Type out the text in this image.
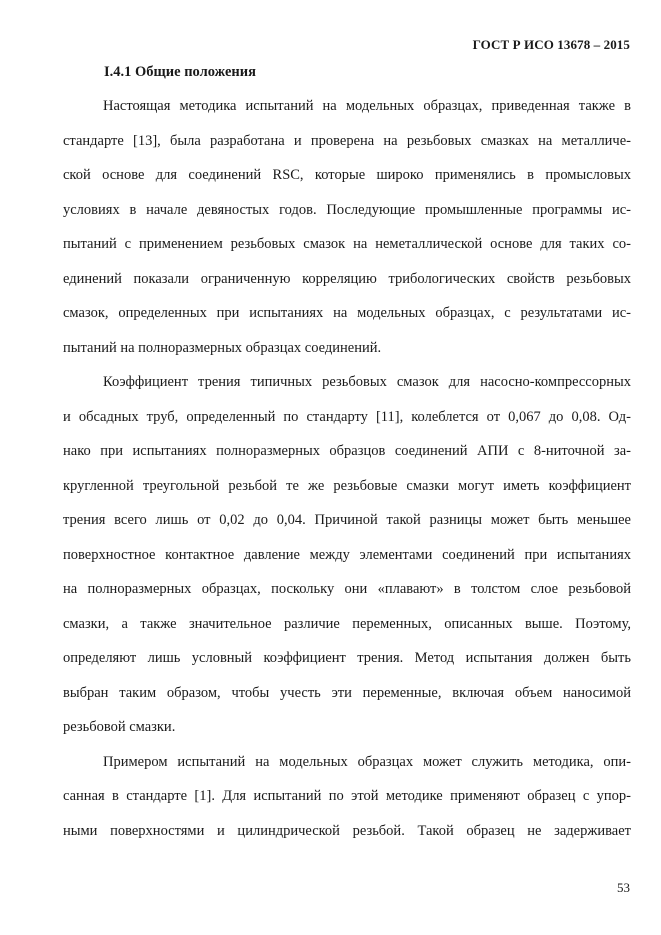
ГОСТ Р ИСО 13678 – 2015
I.4.1 Общие положения
Настоящая методика испытаний на модельных образцах, приведенная также в
стандарте [13], была разработана и проверена на резьбовых смазках на металличе-
ской основе для соединений RSC, которые широко применялись в промысловых
условиях в начале девяностых годов. Последующие промышленные программы ис-
пытаний с применением резьбовых смазок на неметаллической основе для таких со-
единений показали ограниченную корреляцию трибологических свойств резьбовых
смазок, определенных при испытаниях на модельных образцах, с результатами ис-
пытаний на полноразмерных образцах соединений.
Коэффициент трения типичных резьбовых смазок для насосно-компрессорных
и обсадных труб, определенный по стандарту [11], колеблется от 0,067 до 0,08. Од-
нако при испытаниях полноразмерных образцов соединений АПИ с 8-ниточной за-
кругленной треугольной резьбой те же резьбовые смазки могут иметь коэффициент
трения всего лишь от 0,02 до 0,04. Причиной такой разницы может быть меньшее
поверхностное контактное давление между элементами соединений при испытаниях
на полноразмерных образцах, поскольку они «плавают» в толстом слое резьбовой
смазки, а также значительное различие переменных, описанных выше. Поэтому,
определяют лишь условный коэффициент трения. Метод испытания должен быть
выбран таким образом, чтобы учесть эти переменные, включая объем наносимой
резьбовой смазки.
Примером испытаний на модельных образцах может служить методика, опи-
санная в стандарте [1]. Для испытаний по этой методике применяют образец с упор-
ными поверхностями и цилиндрической резьбой. Такой образец не задерживает
53
